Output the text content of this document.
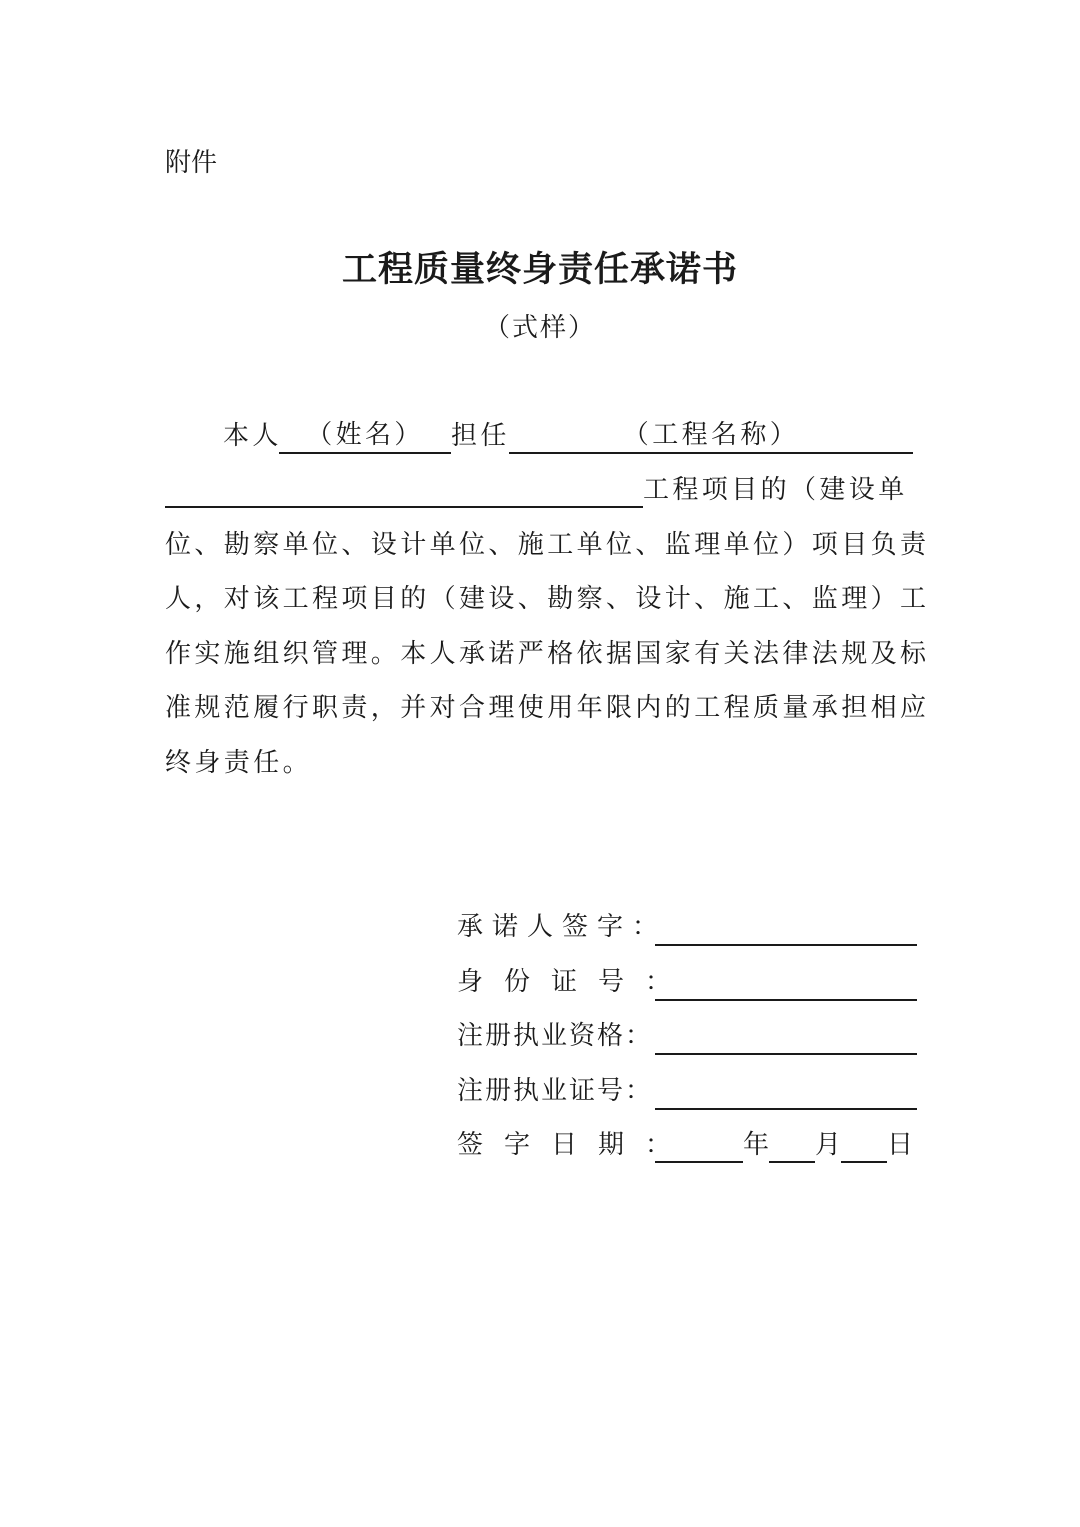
附件
工程质量终身责任承诺书
（式样）
本人 （姓名） 担任	（工程名称）
工程项目的（建设单
位、勘察单位、设计单位、施工单位、监理单位）项目负责
人，对该工程项目的（建设、勘察、设计、施工、监理）工
作实施组织管理。本人承诺严格依据国家有关法律法规及标
准规范履行职责，并对合理使用年限内的工程质量承担相应
终身责任。
承诺人签字：
身份证号：
注册执业资格：
注册执业证号：
签字日期：	年 月 日
